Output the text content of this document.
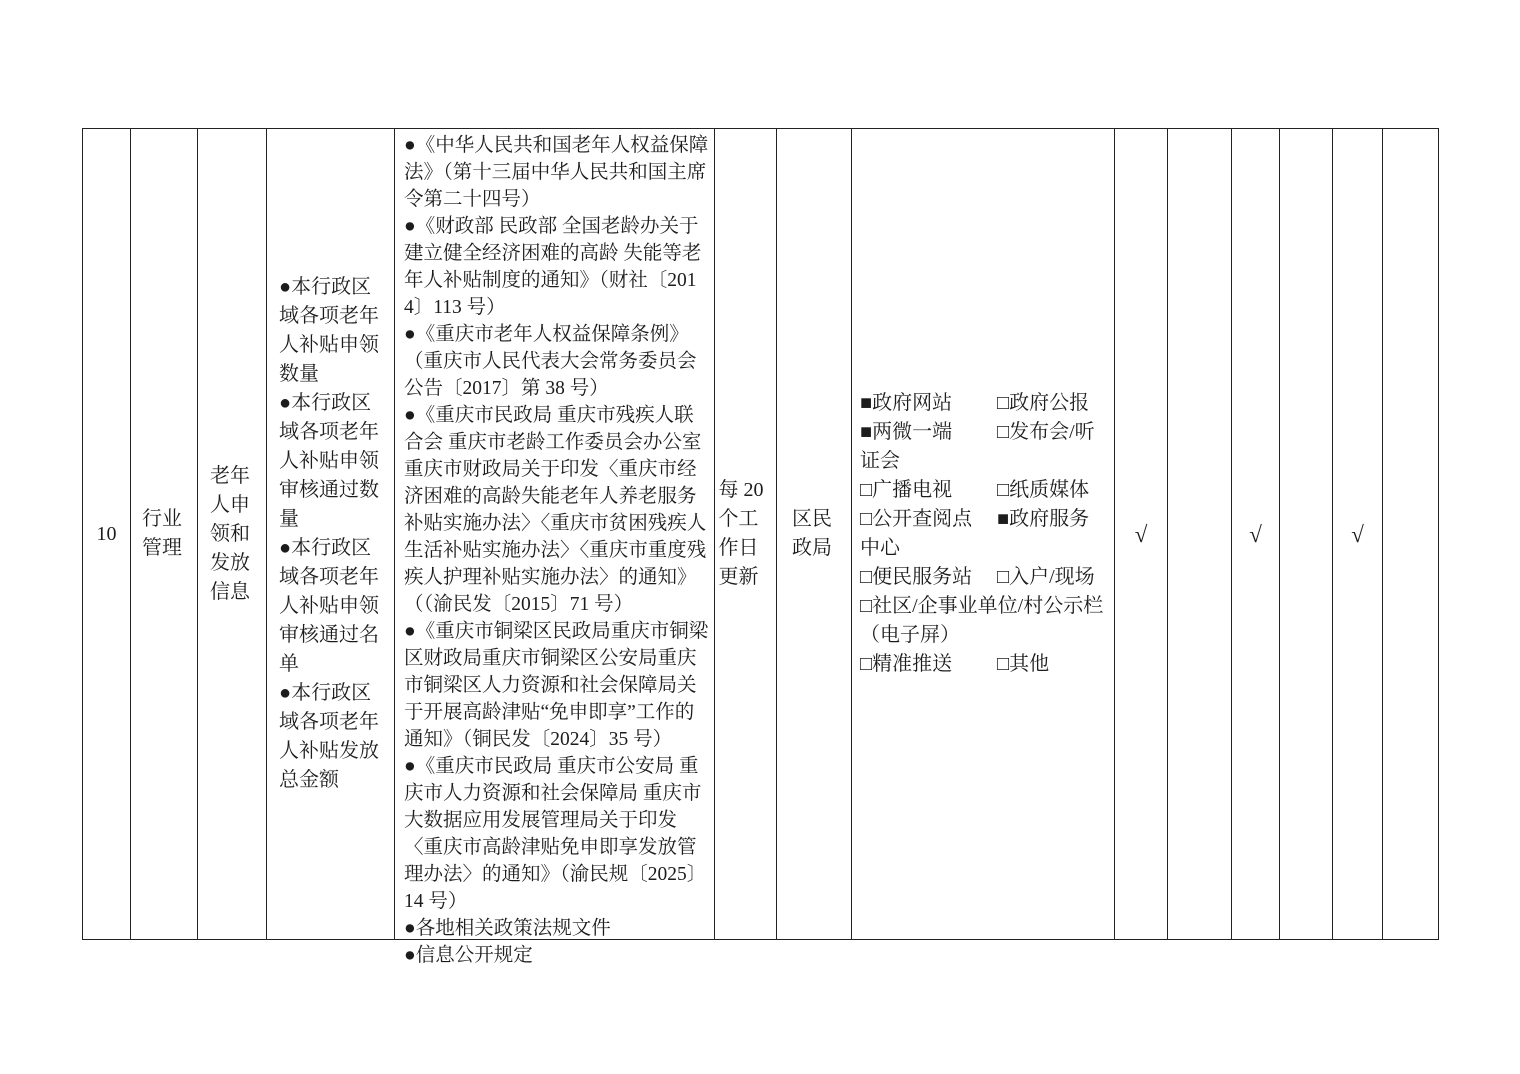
10
行业管理
老年人申领和发放信息
●本行政区域各项老年人补贴申领数量
●本行政区域各项老年人补贴申领审核通过数量
●本行政区域各项老年人补贴申领审核通过名单
●本行政区域各项老年人补贴发放总金额
●《中华人民共和国老年人权益保障法》（第十三届中华人民共和国主席令第二十四号）
●《财政部 民政部 全国老龄办关于建立健全经济困难的高龄 失能等老年人补贴制度的通知》（财社〔2014〕113 号）
●《重庆市老年人权益保障条例》（重庆市人民代表大会常务委员会公告〔2017〕第 38 号）
●《重庆市民政局 重庆市残疾人联合会 重庆市老龄工作委员会办公室 重庆市财政局关于印发〈重庆市经济困难的高龄失能老年人养老服务补贴实施办法〉〈重庆市贫困残疾人生活补贴实施办法〉〈重庆市重度残疾人护理补贴实施办法〉的通知》（（渝民发〔2015〕71 号）
●《重庆市铜梁区民政局重庆市铜梁区财政局重庆市铜梁区公安局重庆市铜梁区人力资源和社会保障局关于开展高龄津贴“免申即享”工作的通知》（铜民发〔2024〕35 号）
●《重庆市民政局 重庆市公安局 重庆市人力资源和社会保障局 重庆市大数据应用发展管理局关于印发〈重庆市高龄津贴免申即享发放管理办法〉的通知》（渝民规〔2025〕14 号）
●各地相关政策法规文件
●信息公开规定
每 20 个工作日更新
区民政局
■政府网站 □政府公报
■两微一端 □发布会/听证会
□广播电视 □纸质媒体
□公开查阅点 ■政府服务中心
□便民服务站 □入户/现场
□社区/企事业单位/村公示栏（电子屏）
□精准推送 □其他
√	√	√
